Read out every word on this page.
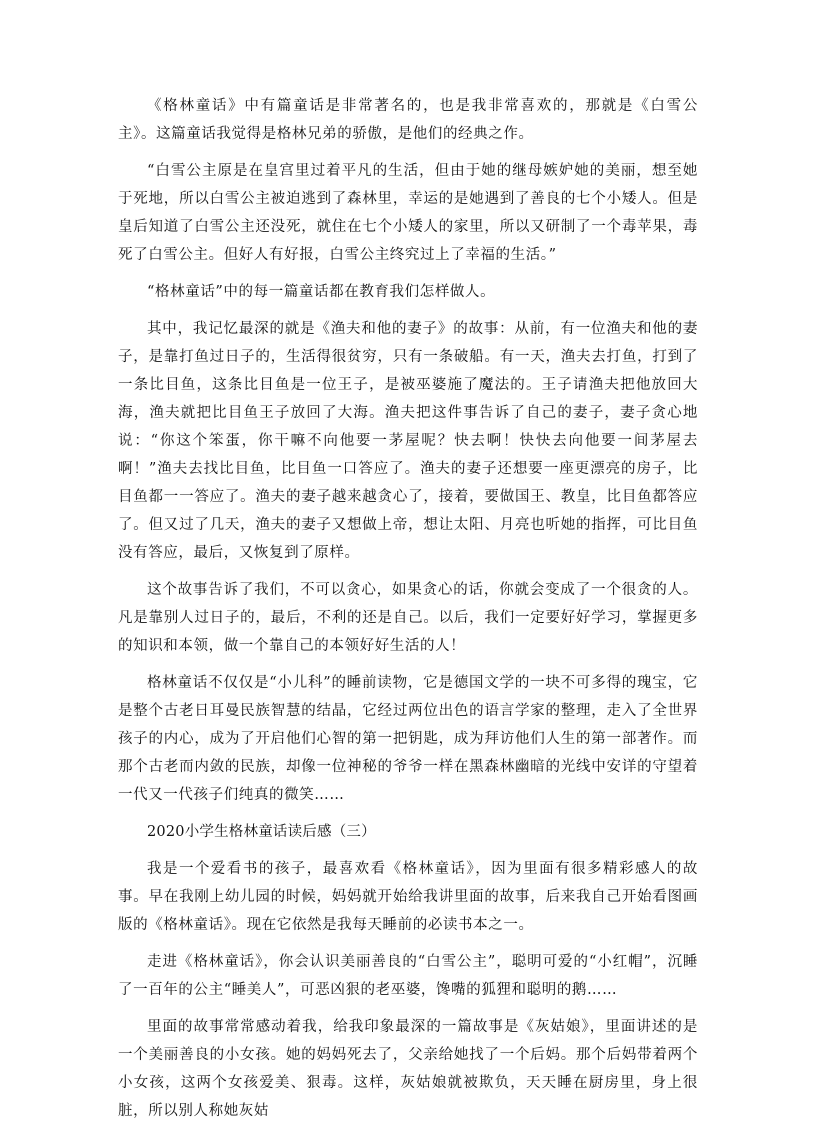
《格林童话》中有篇童话是非常著名的，也是我非常喜欢的，那就是《白雪公主》。这篇童话我觉得是格林兄弟的骄傲，是他们的经典之作。

“白雪公主原是在皇宫里过着平凡的生活，但由于她的继母嫉妒她的美丽，想至她于死地，所以白雪公主被迫逃到了森林里，幸运的是她遇到了善良的七个小矮人。但是皇后知道了白雪公主还没死，就住在七个小矮人的家里，所以又研制了一个毒苹果，毒死了白雪公主。但好人有好报，白雪公主终究过上了幸福的生活。”

“格林童话”中的每一篇童话都在教育我们怎样做人。

其中，我记忆最深的就是《渔夫和他的妻子》的故事：从前，有一位渔夫和他的妻子，是靠打鱼过日子的，生活得很贫穷，只有一条破船。有一天，渔夫去打鱼，打到了一条比目鱼，这条比目鱼是一位王子，是被巫婆施了魔法的。王子请渔夫把他放回大海，渔夫就把比目鱼王子放回了大海。渔夫把这件事告诉了自己的妻子，妻子贪心地说：“你这个笨蛋，你干嘛不向他要一茅屋呢？快去啊！快快去向他要一间茅屋去啊！”渔夫去找比目鱼，比目鱼一口答应了。渔夫的妻子还想要一座更漂亮的房子，比目鱼都一一答应了。渔夫的妻子越来越贪心了，接着，要做国王、教皇，比目鱼都答应了。但又过了几天，渔夫的妻子又想做上帝，想让太阳、月亮也听她的指挥，可比目鱼没有答应，最后，又恢复到了原样。

这个故事告诉了我们，不可以贪心，如果贪心的话，你就会变成了一个很贪的人。凡是靠别人过日子的，最后，不利的还是自己。以后，我们一定要好好学习，掌握更多的知识和本领，做一个靠自己的本领好好生活的人！

格林童话不仅仅是“小儿科”的睡前读物，它是德国文学的一块不可多得的瑰宝，它是整个古老日耳曼民族智慧的结晶，它经过两位出色的语言学家的整理，走入了全世界孩子的内心，成为了开启他们心智的第一把钥匙，成为拜访他们人生的第一部著作。而那个古老而内敛的民族，却像一位神秘的爷爷一样在黑森林幽暗的光线中安详的守望着一代又一代孩子们纯真的微笑……

2020小学生格林童话读后感（三）

我是一个爱看书的孩子，最喜欢看《格林童话》，因为里面有很多精彩感人的故事。早在我刚上幼儿园的时候，妈妈就开始给我讲里面的故事，后来我自己开始看图画版的《格林童话》。现在它依然是我每天睡前的必读书本之一。

走进《格林童话》，你会认识美丽善良的“白雪公主”，聪明可爱的“小红帽”，沉睡了一百年的公主“睡美人”，可恶凶狠的老巫婆，馋嘴的狐狸和聪明的鹅……

里面的故事常常感动着我，给我印象最深的一篇故事是《灰姑娘》，里面讲述的是一个美丽善良的小女孩。她的妈妈死去了，父亲给她找了一个后妈。那个后妈带着两个小女孩，这两个女孩爱美、狠毒。这样，灰姑娘就被欺负，天天睡在厨房里，身上很脏，所以别人称她灰姑
